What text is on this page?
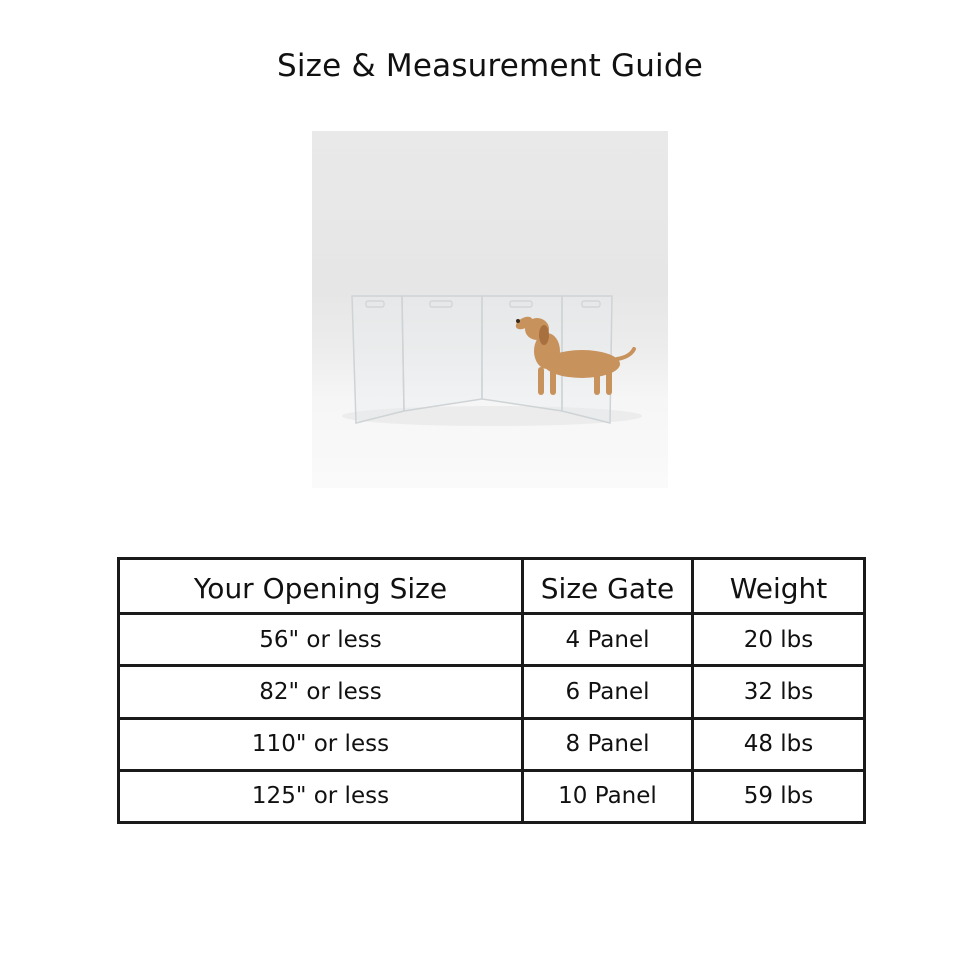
Size & Measurement Guide
Your Opening Size	Size Gate	Weight
56" or less	4 Panel	20 lbs
82" or less	6 Panel	32 lbs
110" or less	8 Panel	48 lbs
125" or less	10 Panel	59 lbs
